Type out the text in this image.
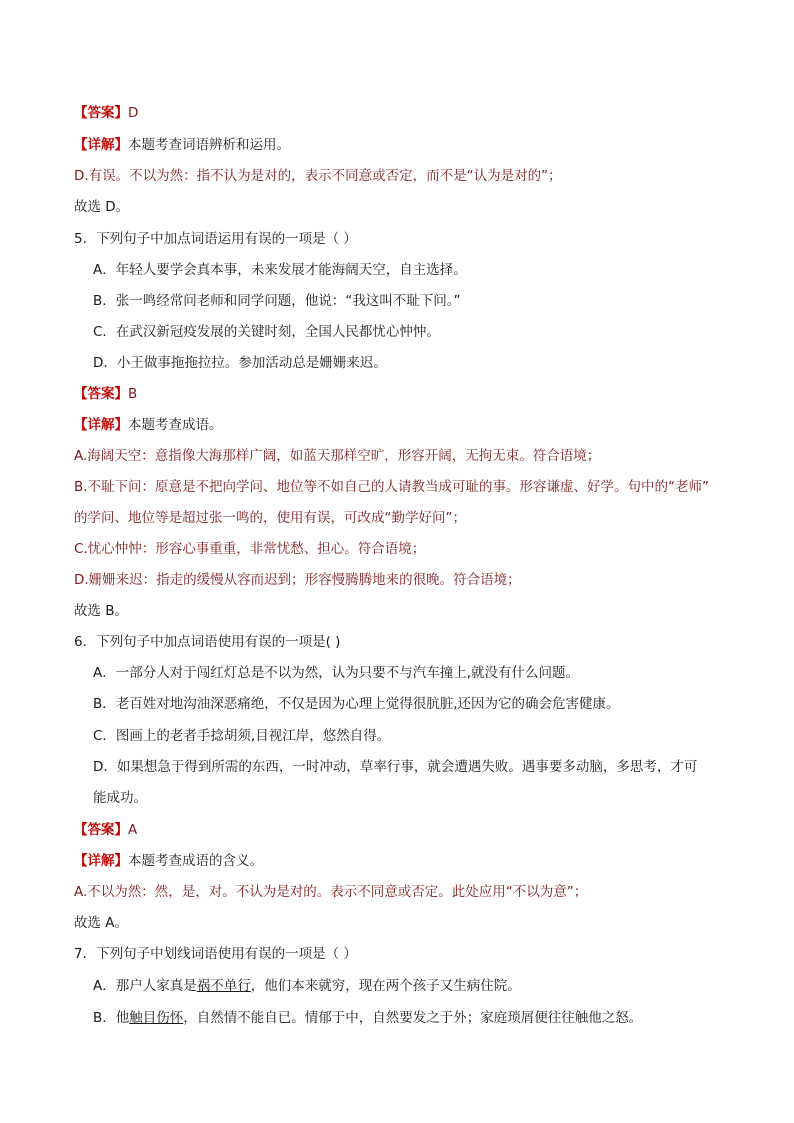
【答案】D
【详解】本题考查词语辨析和运用。
D.有误。不以为然：指不认为是对的，表示不同意或否定，而不是“认为是对的”；
故选 D。
5．下列句子中加点词语运用有误的一项是（ ）
A．年轻人要学会真本事，未来发展才能海阔天空，自主选择。
B．张一鸣经常问老师和同学问题，他说：“我这叫不耻下问。”
C．在武汉新冠疫发展的关键时刻，全国人民都忧心忡忡。
D．小王做事拖拖拉拉。参加活动总是姗姗来迟。
【答案】B
【详解】本题考查成语。
A.海阔天空：意指像大海那样广阔，如蓝天那样空旷，形容开阔，无拘无束。符合语境；
B.不耻下问：原意是不把向学问、地位等不如自己的人请教当成可耻的事。形容谦虚、好学。句中的“老师”
的学问、地位等是超过张一鸣的，使用有误，可改成“勤学好问”；
C.忧心忡忡：形容心事重重，非常忧愁、担心。符合语境；
D.姗姗来迟：指走的缓慢从容而迟到；形容慢腾腾地来的很晚。符合语境；
故选 B。
6．下列句子中加点词语使用有误的一项是( )
A．一部分人对于闯红灯总是不以为然，认为只要不与汽车撞上,就没有什么问题。
B．老百姓对地沟油深恶痛绝，不仅是因为心理上觉得很肮脏,还因为它的确会危害健康。
C．图画上的老者手捻胡须,目视江岸，悠然自得。
D．如果想急于得到所需的东西，一时冲动，草率行事，就会遭遇失败。遇事要多动脑，多思考，才可
能成功。
【答案】A
【详解】本题考查成语的含义。
A.不以为然：然，是，对。不认为是对的。表示不同意或否定。此处应用“不以为意”；
故选 A。
7．下列句子中划线词语使用有误的一项是（ ）
A．那户人家真是祸不单行，他们本来就穷，现在两个孩子又生病住院。
B．他触目伤怀，自然情不能自已。情郁于中，自然要发之于外；家庭琐屑便往往触他之怒。
